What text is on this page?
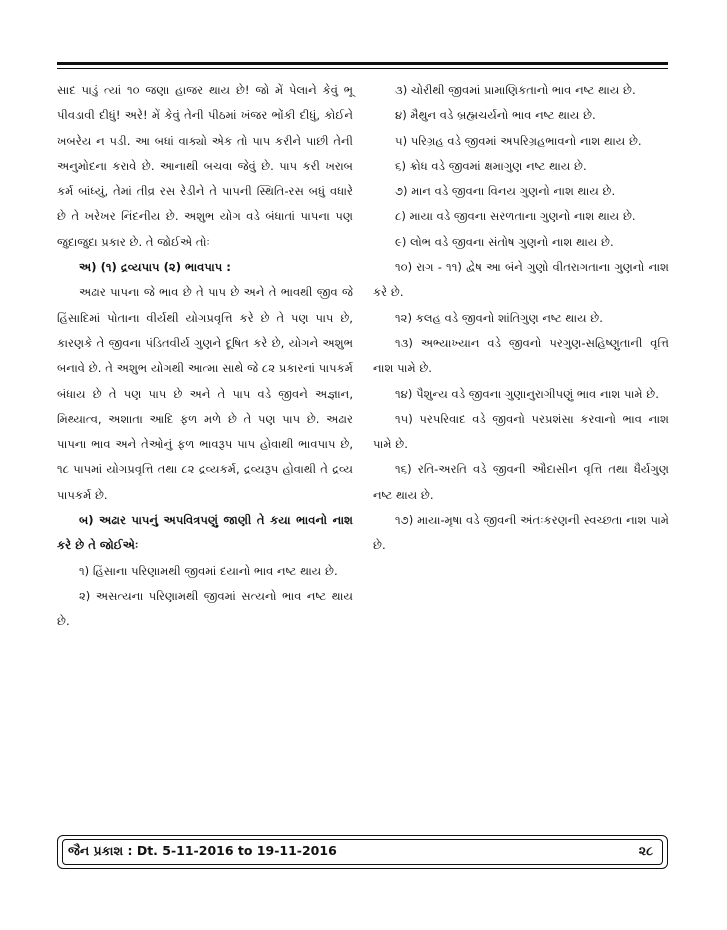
સાદ પાડું ત્યાં ૧૦ જણા હાજર થાય છે! જો મેં પેલાને કેવું ભૂ પીવડાવી દીધું! અરે! મેં કેવું તેની પીઠમાં ખંજર ભોંકી દીધું, કોઈને ખબરેય ન પડી. આ બધાં વાક્યો એક તો પાપ કરીને પાછી તેની અનુમોદના કરાવે છે. આનાથી બચવા જેવું છે. પાપ કરી ખરાબ કર્મ બાંધ્યું, તેમાં તીવ્ર રસ રેડીને તે પાપની સ્થિતિ-રસ બધું વધારે છે તે ખરેખર નિંદનીય છે. અશુભ યોગ વડે બંધાતાં પાપના પણ જુદાજુદા પ્રકાર છે. તે જોઈએ તોઃ

અ) (૧) દ્રવ્યપાપ (૨) ભાવપાપ :

અઢાર પાપના જે ભાવ છે તે પાપ છે અને તે ભાવથી જીવ જે હિંસાદિમાં પોતાના વીર્યથી યોગપ્રવૃત્તિ કરે છે તે પણ પાપ છે, કારણકે તે જીવના પંડિતવીર્ય ગુણને દૂષિત કરે છે, યોગને અશુભ બનાવે છે. તે અશુભ યોગથી આત્મા સાથે જે ૮૨ પ્રકારનાં પાપકર્મ બંધાય છે તે પણ પાપ છે અને તે પાપ વડે જીવને અજ્ઞાન, મિથ્યાત્વ, અશાતા આદિ ફળ મળે છે તે પણ પાપ છે. અઢાર પાપના ભાવ અને તેઓનું ફળ ભાવરૂપ પાપ હોવાથી ભાવપાપ છે, ૧૮ પાપમાં યોગપ્રવૃત્તિ તથા ૮૨ દ્રવ્યકર્મ, દ્રવ્યરૂપ હોવાથી તે દ્રવ્ય પાપકર્મ છે.

બ) અઢાર પાપનું અપવિત્રપણું જાણી તે કયા ભાવનો નાશ કરે છે તે જોઈએઃ

૧) હિંસાના પરિણામથી જીવમાં દયાનો ભાવ નષ્ટ થાય છે.

૨) અસત્યના પરિણામથી જીવમાં સત્યનો ભાવ નષ્ટ થાય છે.

૩) ચોરીથી જીવમાં પ્રામાણિકતાનો ભાવ નષ્ટ થાય છે.

૪) મૈથુન વડે બ્રહ્મચર્યનો ભાવ નષ્ટ થાય છે.

૫) પરિગ્રહ વડે જીવમાં અપરિગ્રહભાવનો નાશ થાય છે.

૬) ક્રોધ વડે જીવમાં ક્ષમાગુણ નષ્ટ થાય છે.

૭) માન વડે જીવના વિનય ગુણનો નાશ થાય છે.

૮) માયા વડે જીવના સરળતાના ગુણનો નાશ થાય છે.

૯) લોભ વડે જીવના સંતોષ ગુણનો નાશ થાય છે.

૧૦) રાગ - ૧૧) દ્વેષ આ બંને ગુણો વીતરાગતાના ગુણનો નાશ કરે છે.

૧૨) કલહ વડે જીવનો શાંતિગુણ નષ્ટ થાય છે.

૧૩) અભ્યાખ્યાન વડે જીવનો પરગુણ-સહિષ્ણુતાની વૃત્તિ નાશ પામે છે.

૧૪) પૈશુન્ય વડે જીવના ગુણાનુરાગીપણું ભાવ નાશ પામે છે.

૧૫) પરપરિવાદ વડે જીવનો પરપ્રશંસા કરવાનો ભાવ નાશ પામે છે.

૧૬) રતિ-અરતિ વડે જીવની ઔદાસીન વૃત્તિ તથા ધૈર્યગુણ નષ્ટ થાય છે.

૧૭) માયા-મૃષા વડે જીવની અંતઃકરણની સ્વચ્છતા નાશ પામે છે.

જૈન પ્રકાશ : Dt. 5-11-2016 to 19-11-2016	૨૮
